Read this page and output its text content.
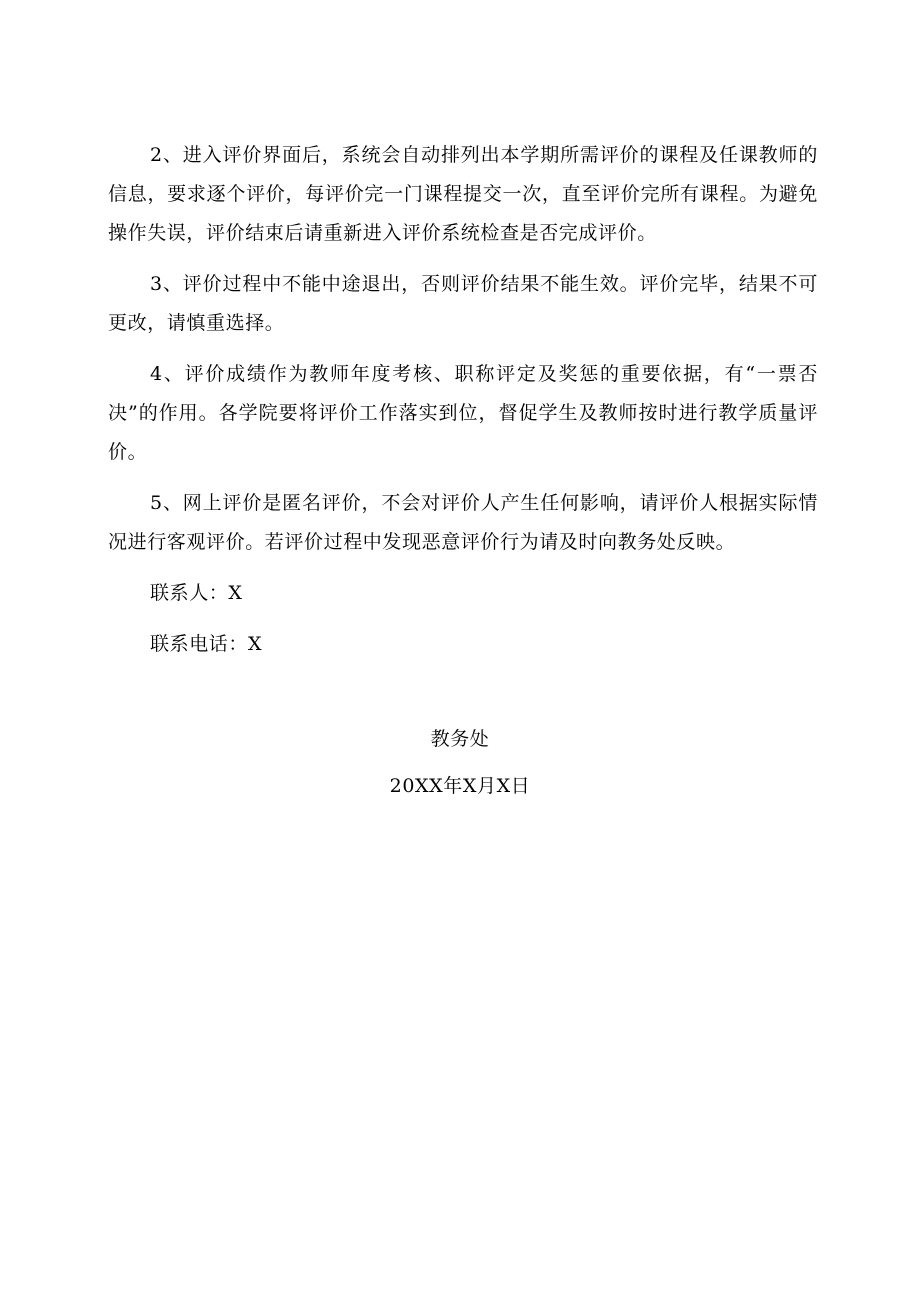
2、进入评价界面后，系统会自动排列出本学期所需评价的课程及任课教师的信息，要求逐个评价，每评价完一门课程提交一次，直至评价完所有课程。为避免操作失误，评价结束后请重新进入评价系统检查是否完成评价。

3、评价过程中不能中途退出，否则评价结果不能生效。评价完毕，结果不可更改，请慎重选择。

4、评价成绩作为教师年度考核、职称评定及奖惩的重要依据，有“一票否决”的作用。各学院要将评价工作落实到位，督促学生及教师按时进行教学质量评价。

5、网上评价是匿名评价，不会对评价人产生任何影响，请评价人根据实际情况进行客观评价。若评价过程中发现恶意评价行为请及时向教务处反映。

联系人：X

联系电话：X

教务处
20XX年X月X日
